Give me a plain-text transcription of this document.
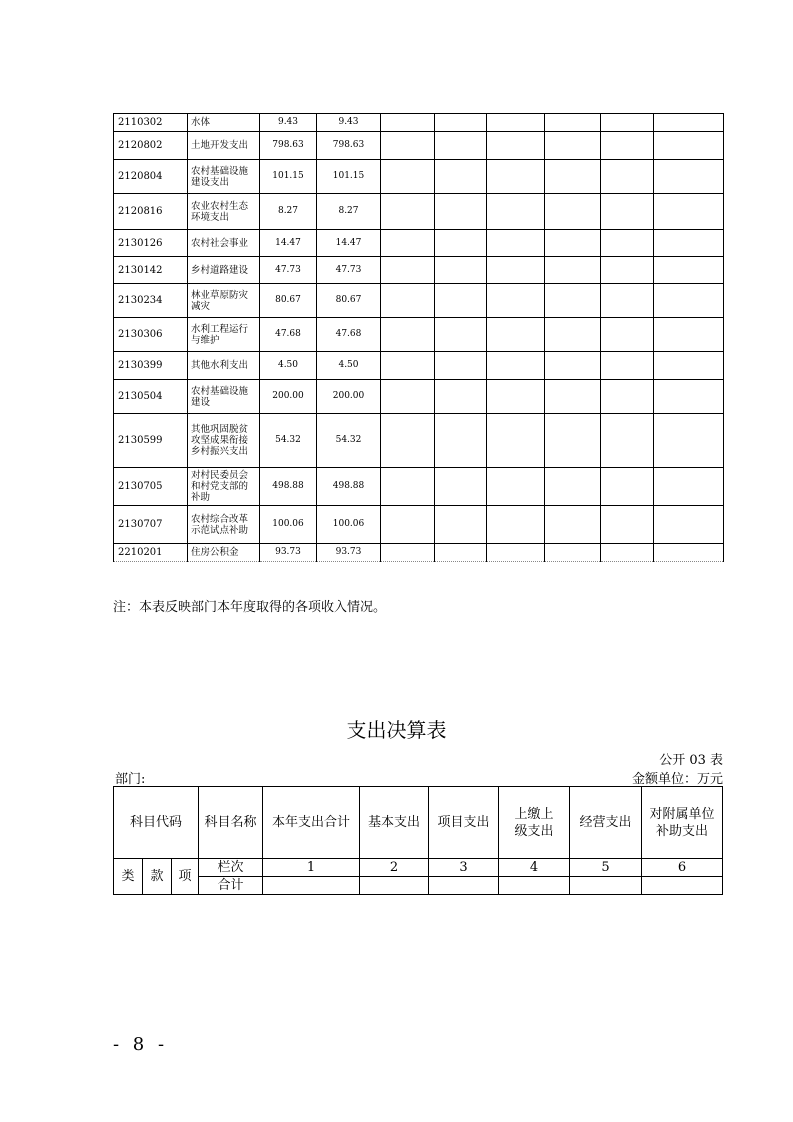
2110302	水体	9.43	9.43						
2120802	土地开发支出	798.63	798.63						
2120804	农村基础设施建设支出	101.15	101.15						
2120816	农业农村生态环境支出	8.27	8.27						
2130126	农村社会事业	14.47	14.47						
2130142	乡村道路建设	47.73	47.73						
2130234	林业草原防灾减灾	80.67	80.67						
2130306	水利工程运行与维护	47.68	47.68						
2130399	其他水利支出	4.50	4.50						
2130504	农村基础设施建设	200.00	200.00						
2130599	其他巩固脱贫攻坚成果衔接乡村振兴支出	54.32	54.32						
2130705	对村民委员会和村党支部的补助	498.88	498.88						
2130707	农村综合改革示范试点补助	100.06	100.06						
2210201	住房公积金	93.73	93.73						
注：本表反映部门本年度取得的各项收入情况。
支出决算表
公开 03 表
部门:	金额单位：万元
科目代码			科目名称	本年支出合计	基本支出	项目支出	上缴上级支出	经营支出	对附属单位补助支出
类	款	项	栏次	1	2	3	4	5	6
			合计						
- 8 -
